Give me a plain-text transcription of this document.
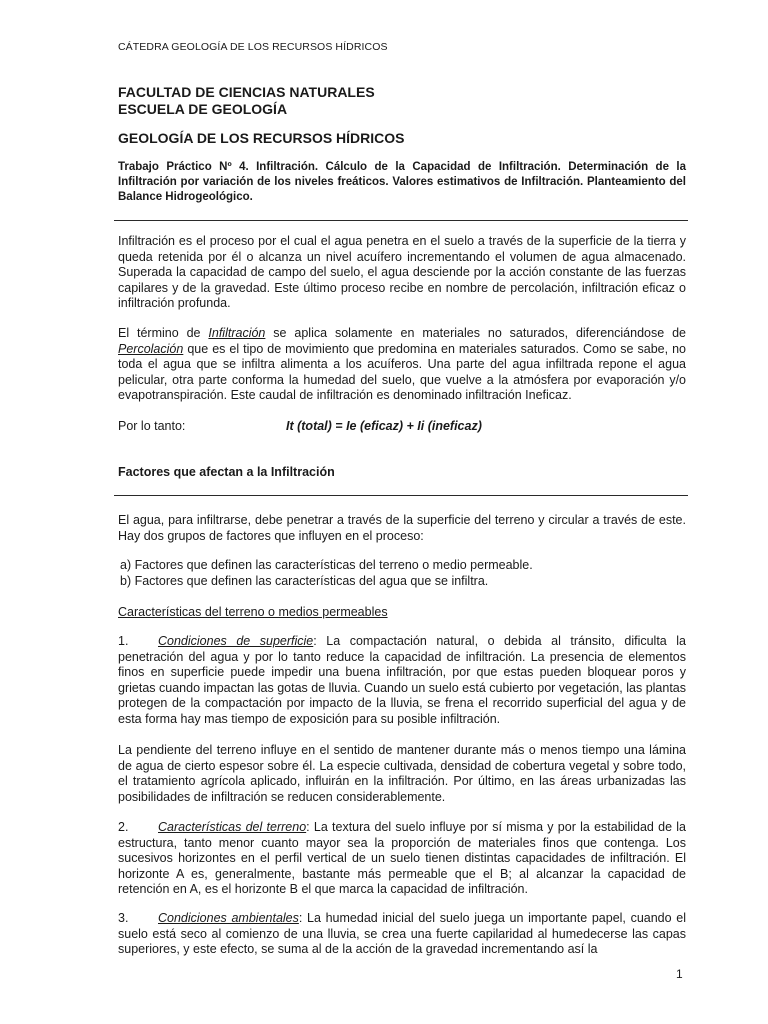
CÁTEDRA GEOLOGÍA DE LOS RECURSOS HÍDRICOS
FACULTAD DE CIENCIAS NATURALES
ESCUELA DE GEOLOGÍA
GEOLOGÍA DE LOS RECURSOS HÍDRICOS
Trabajo Práctico Nº 4. Infiltración. Cálculo de la Capacidad de Infiltración. Determinación de la Infiltración por variación de los niveles freáticos. Valores estimativos de Infiltración. Planteamiento del Balance Hidrogeológico.
Infiltración es el proceso por el cual el agua penetra en el suelo a través de la superficie de la tierra y queda retenida por él o alcanza un nivel acuífero incrementando el volumen de agua almacenado. Superada la capacidad de campo del suelo, el agua desciende por la acción constante de las fuerzas capilares y de la gravedad. Este último proceso recibe en nombre de percolación, infiltración eficaz o infiltración profunda.
El término de Infiltración se aplica solamente en materiales no saturados, diferenciándose de Percolación que es el tipo de movimiento que predomina en materiales saturados. Como se sabe, no toda el agua que se infiltra alimenta a los acuíferos. Una parte del agua infiltrada repone el agua pelicular, otra parte conforma la humedad del suelo, que vuelve a la atmósfera por evaporación y/o evapotranspiración. Este caudal de infiltración es denominado infiltración Ineficaz.
Por lo tanto:	It (total) = Ie (eficaz) + Ii (ineficaz)
Factores que afectan a la Infiltración
El agua, para infiltrarse, debe penetrar a través de la superficie del terreno y circular a través de este. Hay dos grupos de factores que influyen en el proceso:
a) Factores que definen las características del terreno o medio permeable.
b) Factores que definen las características del agua que se infiltra.
Características del terreno o medios permeables
1. Condiciones de superficie: La compactación natural, o debida al tránsito, dificulta la penetración del agua y por lo tanto reduce la capacidad de infiltración. La presencia de elementos finos en superficie puede impedir una buena infiltración, por que estas pueden bloquear poros y grietas cuando impactan las gotas de lluvia. Cuando un suelo está cubierto por vegetación, las plantas protegen de la compactación por impacto de la lluvia, se frena el recorrido superficial del agua y de esta forma hay mas tiempo de exposición para su posible infiltración.
La pendiente del terreno influye en el sentido de mantener durante más o menos tiempo una lámina de agua de cierto espesor sobre él. La especie cultivada, densidad de cobertura vegetal y sobre todo, el tratamiento agrícola aplicado, influirán en la infiltración. Por último, en las áreas urbanizadas las posibilidades de infiltración se reducen considerablemente.
2. Características del terreno: La textura del suelo influye por sí misma y por la estabilidad de la estructura, tanto menor cuanto mayor sea la proporción de materiales finos que contenga. Los sucesivos horizontes en el perfil vertical de un suelo tienen distintas capacidades de infiltración. El horizonte A es, generalmente, bastante más permeable que el B; al alcanzar la capacidad de retención en A, es el horizonte B el que marca la capacidad de infiltración.
3. Condiciones ambientales: La humedad inicial del suelo juega un importante papel, cuando el suelo está seco al comienzo de una lluvia, se crea una fuerte capilaridad al humedecerse las capas superiores, y este efecto, se suma al de la acción de la gravedad incrementando así la
1
